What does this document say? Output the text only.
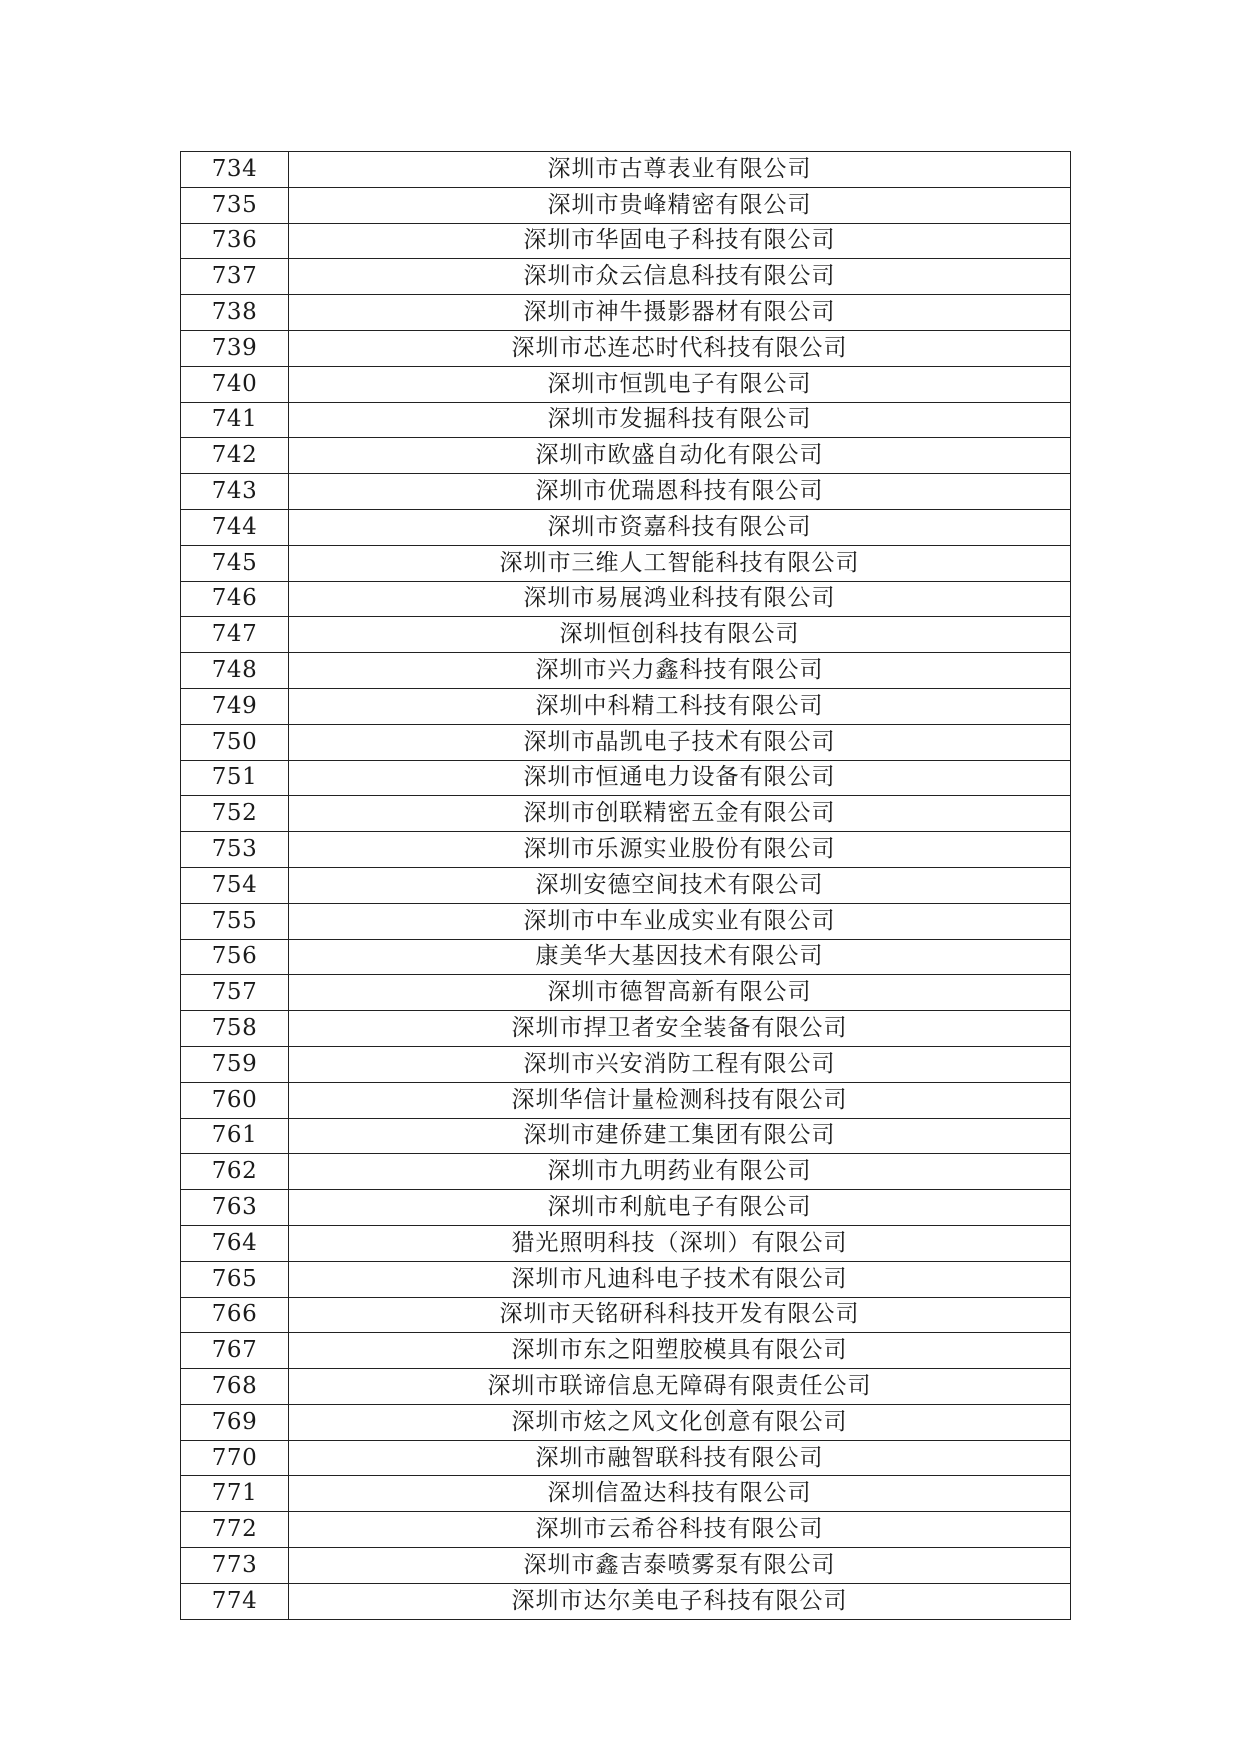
734	深圳市古尊表业有限公司
735	深圳市贵峰精密有限公司
736	深圳市华固电子科技有限公司
737	深圳市众云信息科技有限公司
738	深圳市神牛摄影器材有限公司
739	深圳市芯连芯时代科技有限公司
740	深圳市恒凯电子有限公司
741	深圳市发掘科技有限公司
742	深圳市欧盛自动化有限公司
743	深圳市优瑞恩科技有限公司
744	深圳市资嘉科技有限公司
745	深圳市三维人工智能科技有限公司
746	深圳市易展鸿业科技有限公司
747	深圳恒创科技有限公司
748	深圳市兴力鑫科技有限公司
749	深圳中科精工科技有限公司
750	深圳市晶凯电子技术有限公司
751	深圳市恒通电力设备有限公司
752	深圳市创联精密五金有限公司
753	深圳市乐源实业股份有限公司
754	深圳安德空间技术有限公司
755	深圳市中车业成实业有限公司
756	康美华大基因技术有限公司
757	深圳市德智高新有限公司
758	深圳市捍卫者安全装备有限公司
759	深圳市兴安消防工程有限公司
760	深圳华信计量检测科技有限公司
761	深圳市建侨建工集团有限公司
762	深圳市九明药业有限公司
763	深圳市利航电子有限公司
764	猎光照明科技（深圳）有限公司
765	深圳市凡迪科电子技术有限公司
766	深圳市天铭研科科技开发有限公司
767	深圳市东之阳塑胶模具有限公司
768	深圳市联谛信息无障碍有限责任公司
769	深圳市炫之风文化创意有限公司
770	深圳市融智联科技有限公司
771	深圳信盈达科技有限公司
772	深圳市云希谷科技有限公司
773	深圳市鑫吉泰喷雾泵有限公司
774	深圳市达尔美电子科技有限公司
